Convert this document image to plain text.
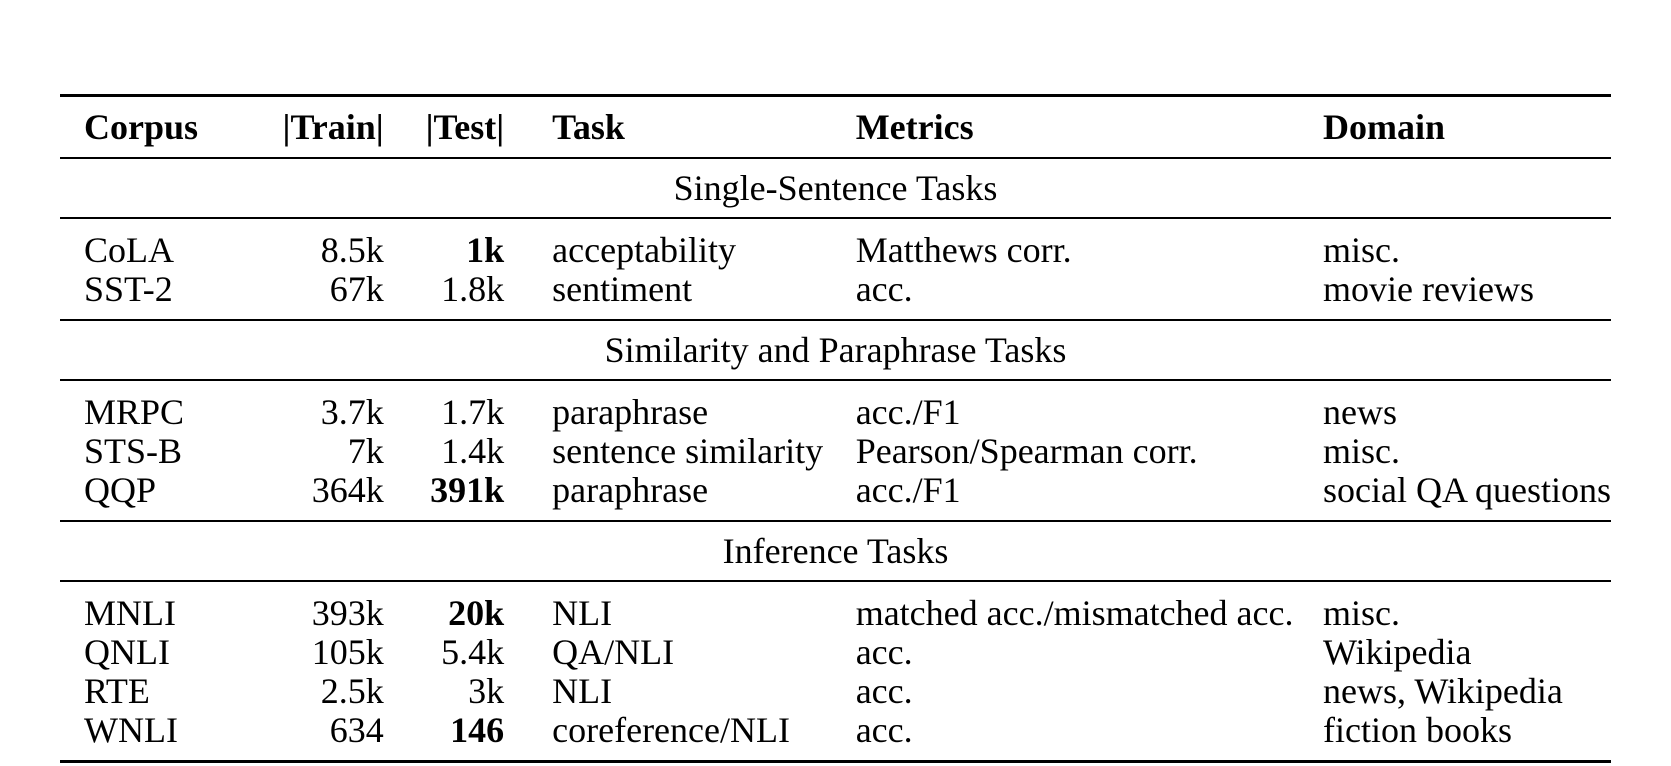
Corpus	|Train|	|Test|	Task	Metrics	Domain
Single-Sentence Tasks					
CoLA	8.5k	1k	acceptability	Matthews corr.	misc.
SST-2	67k	1.8k	sentiment	acc.	movie reviews
Similarity and Paraphrase Tasks					
MRPC	3.7k	1.7k	paraphrase	acc./F1	news
STS-B	7k	1.4k	sentence similarity	Pearson/Spearman corr.	misc.
QQP	364k	391k	paraphrase	acc./F1	social QA questions
Inference Tasks					
MNLI	393k	20k	NLI	matched acc./mismatched acc.	misc.
QNLI	105k	5.4k	QA/NLI	acc.	Wikipedia
RTE	2.5k	3k	NLI	acc.	news, Wikipedia
WNLI	634	146	coreference/NLI	acc.	fiction books
